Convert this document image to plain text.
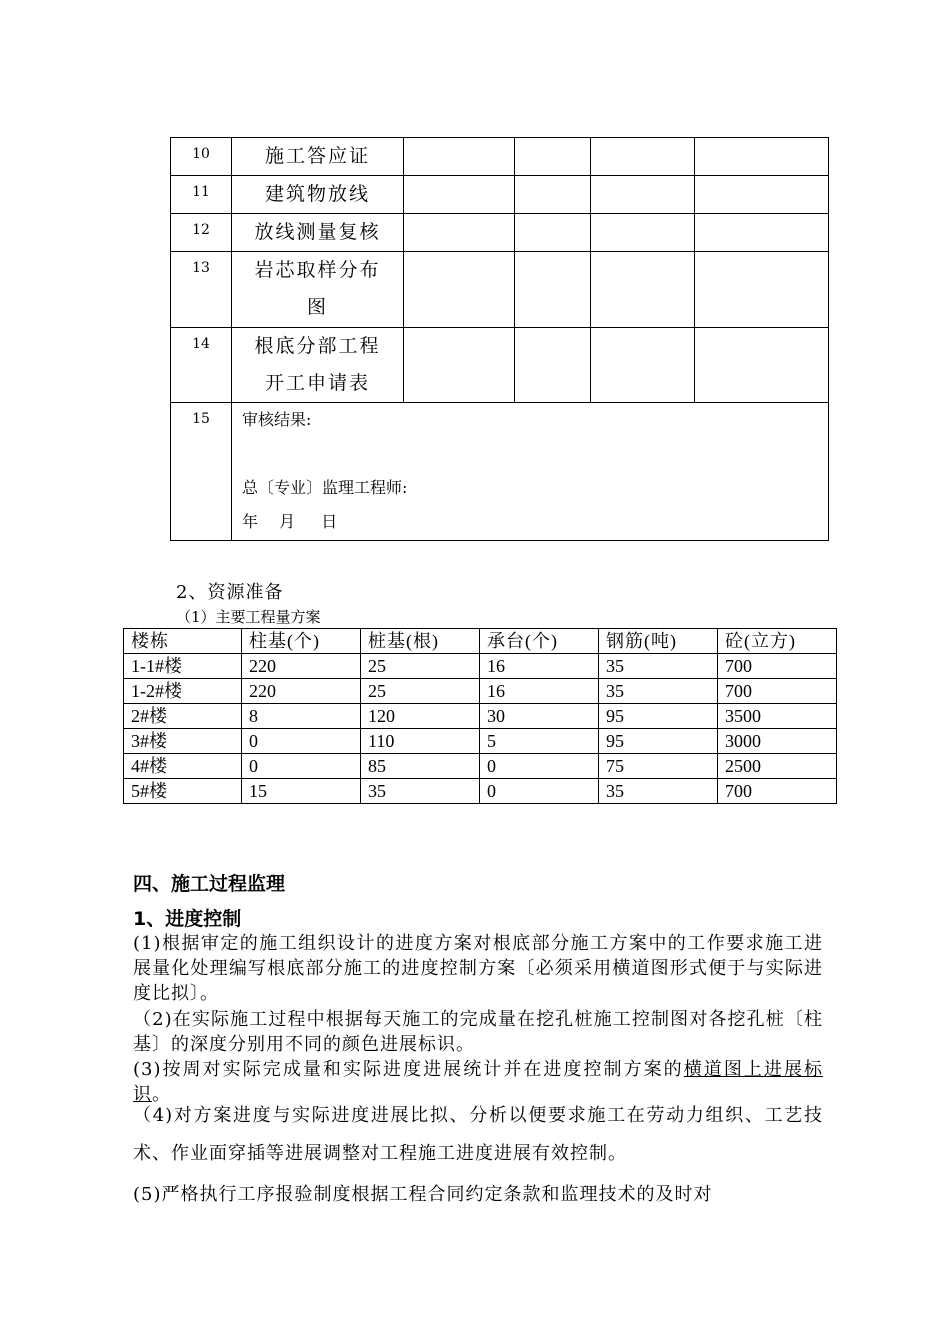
10	施工答应证				

11	建筑物放线				

12	放线测量复核				

13	岩芯取样分布
图				

14	根底分部工程
开工申请表				

15	审核结果:
总〔专业〕监理工程师:
年　 月　  日				
2、资源准备
（1）主要工程量方案
楼栋	柱基(个)	桩基(根)	承台(个)	钢筋(吨)	砼(立方)
1-1#楼	220	25	16	35	700
1-2#楼	220	25	16	35	700
2#楼	8	120	30	95	3500
3#楼	0	110	5	95	3000
4#楼	0	85	0	75	2500
5#楼	15	35	0	35	700
四、施工过程监理
1、进度控制
(1)根据审定的施工组织设计的进度方案对根底部分施工方案中的工作要求施工进展量化处理编写根底部分施工的进度控制方案〔必须采用横道图形式便于与实际进度比拟〕。
（2)在实际施工过程中根据每天施工的完成量在挖孔桩施工控制图对各挖孔桩〔柱基〕的深度分别用不同的颜色进展标识。
(3)按周对实际完成量和实际进度进展统计并在进度控制方案的横道图上进展标识。
（4)对方案进度与实际进度进展比拟、分析以便要求施工在劳动力组织、工艺技术、作业面穿插等进展调整对工程施工进度进展有效控制。
(5)严格执行工序报验制度根据工程合同约定条款和监理技术的及时对
